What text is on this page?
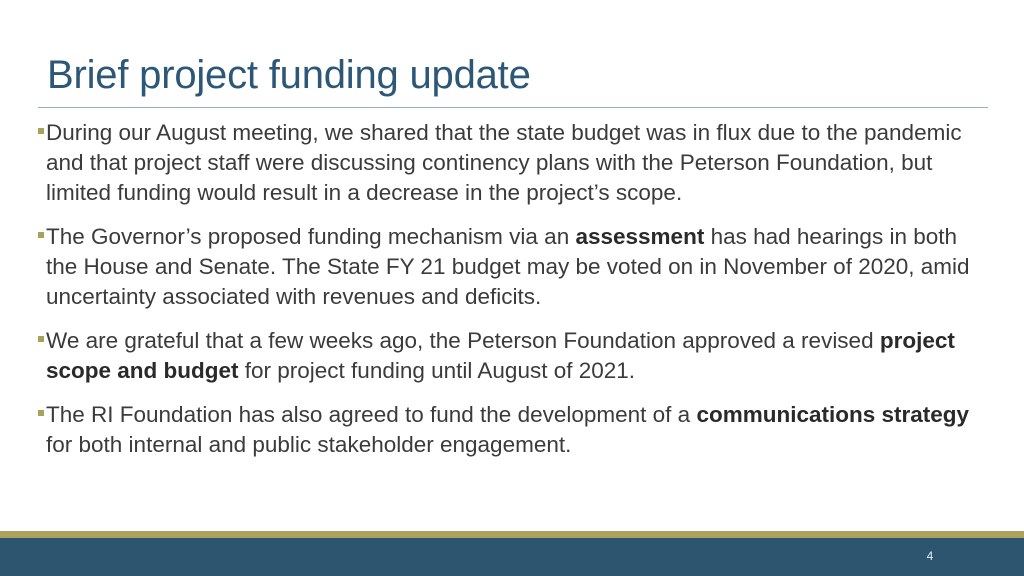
Brief project funding update
During our August meeting, we shared that the state budget was in flux due to the pandemic and that project staff were discussing continency plans with the Peterson Foundation, but limited funding would result in a decrease in the project’s scope.
The Governor’s proposed funding mechanism via an assessment has had hearings in both the House and Senate. The State FY 21 budget may be voted on in November of 2020, amid uncertainty associated with revenues and deficits.
We are grateful that a few weeks ago, the Peterson Foundation approved a revised project scope and budget for project funding until August of 2021.
The RI Foundation has also agreed to fund the development of a communications strategy for both internal and public stakeholder engagement.
4
